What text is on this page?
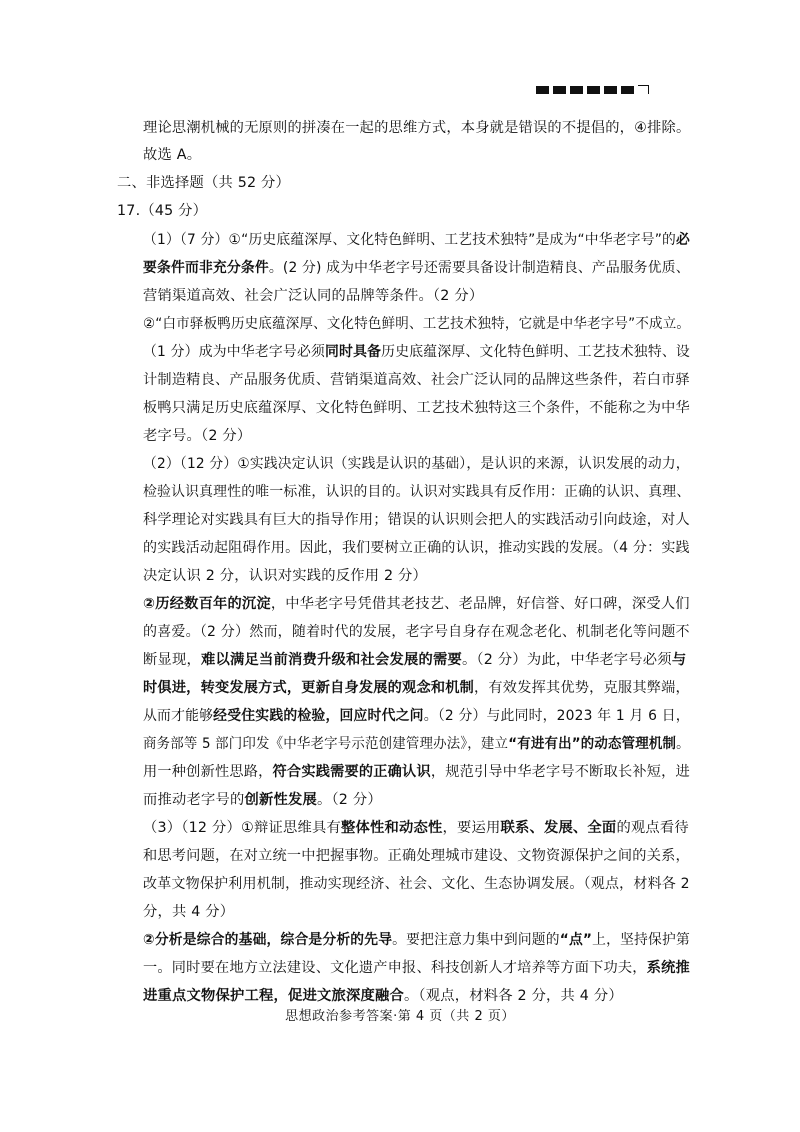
理论思潮机械的无原则的拼凑在一起的思维方式，本身就是错误的不提倡的，④排除。
故选 A。
二、非选择题（共 52 分）
17.（45 分）
（1）（7 分）①“历史底蕴深厚、文化特色鲜明、工艺技术独特”是成为“中华老字号”的必
要条件而非充分条件。(2 分) 成为中华老字号还需要具备设计制造精良、产品服务优质、
营销渠道高效、社会广泛认同的品牌等条件。（2 分）
②“白市驿板鸭历史底蕴深厚、文化特色鲜明、工艺技术独特，它就是中华老字号”不成立。
（1 分）成为中华老字号必须同时具备历史底蕴深厚、文化特色鲜明、工艺技术独特、设
计制造精良、产品服务优质、营销渠道高效、社会广泛认同的品牌这些条件，若白市驿
板鸭只满足历史底蕴深厚、文化特色鲜明、工艺技术独特这三个条件，不能称之为中华
老字号。（2 分）
（2）（12 分）①实践决定认识（实践是认识的基础），是认识的来源，认识发展的动力，
检验认识真理性的唯一标准，认识的目的。认识对实践具有反作用：正确的认识、真理、
科学理论对实践具有巨大的指导作用；错误的认识则会把人的实践活动引向歧途，对人
的实践活动起阻碍作用。因此，我们要树立正确的认识，推动实践的发展。（4 分：实践
决定认识 2 分，认识对实践的反作用 2 分）
②历经数百年的沉淀，中华老字号凭借其老技艺、老品牌，好信誉、好口碑，深受人们
的喜爱。（2 分）然而，随着时代的发展，老字号自身存在观念老化、机制老化等问题不
断显现，难以满足当前消费升级和社会发展的需要。（2 分）为此，中华老字号必须与
时俱进，转变发展方式，更新自身发展的观念和机制，有效发挥其优势，克服其弊端，
从而才能够经受住实践的检验，回应时代之问。（2 分）与此同时，2023 年 1 月 6 日，
商务部等 5 部门印发《中华老字号示范创建管理办法》，建立“有进有出”的动态管理机制。
用一种创新性思路，符合实践需要的正确认识，规范引导中华老字号不断取长补短，进
而推动老字号的创新性发展。（2 分）
（3）（12 分）①辩证思维具有整体性和动态性，要运用联系、发展、全面的观点看待
和思考问题，在对立统一中把握事物。正确处理城市建设、文物资源保护之间的关系，
改革文物保护利用机制，推动实现经济、社会、文化、生态协调发展。（观点，材料各 2
分，共 4 分）
②分析是综合的基础，综合是分析的先导。要把注意力集中到问题的“点”上，坚持保护第
一。同时要在地方立法建设、文化遗产申报、科技创新人才培养等方面下功夫，系统推
进重点文物保护工程，促进文旅深度融合。（观点，材料各 2 分，共 4 分）
思想政治参考答案·第 4 页（共 2 页）
